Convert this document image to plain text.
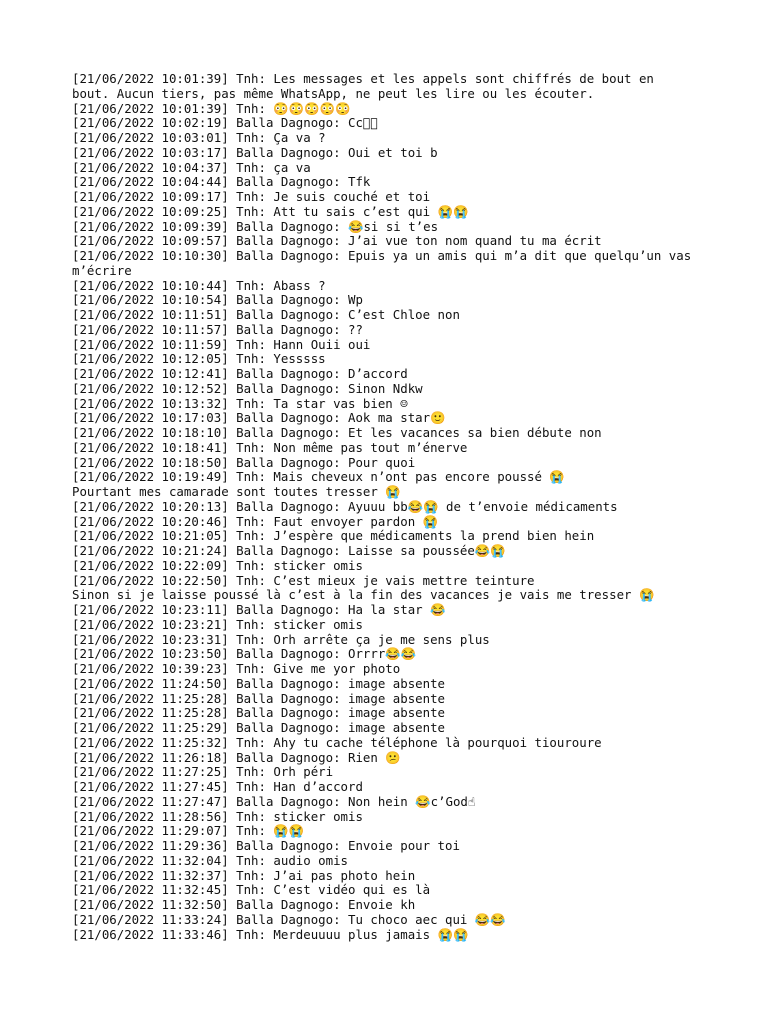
[21/06/2022 10:01:39] Tnh: Les messages et les appels sont chiffrés de bout en
bout. Aucun tiers, pas même WhatsApp, ne peut les lire ou les écouter.
[21/06/2022 10:01:39] Tnh: 😳😳😳😳😳
[21/06/2022 10:02:19] Balla Dagnogo: Cc🏻🏻
[21/06/2022 10:03:01] Tnh: Ça va ?
[21/06/2022 10:03:17] Balla Dagnogo: Oui et toi b
[21/06/2022 10:04:37] Tnh: ça va
[21/06/2022 10:04:44] Balla Dagnogo: Tfk
[21/06/2022 10:09:17] Tnh: Je suis couché et toi
[21/06/2022 10:09:25] Tnh: Att tu sais c’est qui 😭😭
[21/06/2022 10:09:39] Balla Dagnogo: 😂si si t’es
[21/06/2022 10:09:57] Balla Dagnogo: J’ai vue ton nom quand tu ma écrit
[21/06/2022 10:10:30] Balla Dagnogo: Epuis ya un amis qui m’a dit que quelqu’un vas
m’écrire
[21/06/2022 10:10:44] Tnh: Abass ?
[21/06/2022 10:10:54] Balla Dagnogo: Wp
[21/06/2022 10:11:51] Balla Dagnogo: C’est Chloe non
[21/06/2022 10:11:57] Balla Dagnogo: ??
[21/06/2022 10:11:59] Tnh: Hann Ouii oui
[21/06/2022 10:12:05] Tnh: Yesssss
[21/06/2022 10:12:41] Balla Dagnogo: D’accord
[21/06/2022 10:12:52] Balla Dagnogo: Sinon Ndkw
[21/06/2022 10:13:32] Tnh: Ta star vas bien ☺
[21/06/2022 10:17:03] Balla Dagnogo: Aok ma star🙂
[21/06/2022 10:18:10] Balla Dagnogo: Et les vacances sa bien débute non
[21/06/2022 10:18:41] Tnh: Non même pas tout m’énerve
[21/06/2022 10:18:50] Balla Dagnogo: Pour quoi
[21/06/2022 10:19:49] Tnh: Mais cheveux n’ont pas encore poussé 😭
Pourtant mes camarade sont toutes tresser 😭
[21/06/2022 10:20:13] Balla Dagnogo: Ayuuu bb😂😭 de t’envoie médicaments
[21/06/2022 10:20:46] Tnh: Faut envoyer pardon 😭
[21/06/2022 10:21:05] Tnh: J’espère que médicaments la prend bien hein
[21/06/2022 10:21:24] Balla Dagnogo: Laisse sa poussée😂😭
[21/06/2022 10:22:09] Tnh: sticker omis
[21/06/2022 10:22:50] Tnh: C’est mieux je vais mettre teinture
Sinon si je laisse poussé là c’est à la fin des vacances je vais me tresser 😭
[21/06/2022 10:23:11] Balla Dagnogo: Ha la star 😂
[21/06/2022 10:23:21] Tnh: sticker omis
[21/06/2022 10:23:31] Tnh: Orh arrête ça je me sens plus
[21/06/2022 10:23:50] Balla Dagnogo: Orrrr😂😂
[21/06/2022 10:39:23] Tnh: Give me yor photo
[21/06/2022 11:24:50] Balla Dagnogo: image absente
[21/06/2022 11:25:28] Balla Dagnogo: image absente
[21/06/2022 11:25:28] Balla Dagnogo: image absente
[21/06/2022 11:25:29] Balla Dagnogo: image absente
[21/06/2022 11:25:32] Tnh: Ahy tu cache téléphone là pourquoi tiouroure
[21/06/2022 11:26:18] Balla Dagnogo: Rien 😕
[21/06/2022 11:27:25] Tnh: Orh péri
[21/06/2022 11:27:45] Tnh: Han d’accord
[21/06/2022 11:27:47] Balla Dagnogo: Non hein 😂c’God☝
[21/06/2022 11:28:56] Tnh: sticker omis
[21/06/2022 11:29:07] Tnh: 😭😭
[21/06/2022 11:29:36] Balla Dagnogo: Envoie pour toi
[21/06/2022 11:32:04] Tnh: audio omis
[21/06/2022 11:32:37] Tnh: J’ai pas photo hein
[21/06/2022 11:32:45] Tnh: C’est vidéo qui es là
[21/06/2022 11:32:50] Balla Dagnogo: Envoie kh
[21/06/2022 11:33:24] Balla Dagnogo: Tu choco aec qui 😂😂
[21/06/2022 11:33:46] Tnh: Merdeuuuu plus jamais 😭😭
